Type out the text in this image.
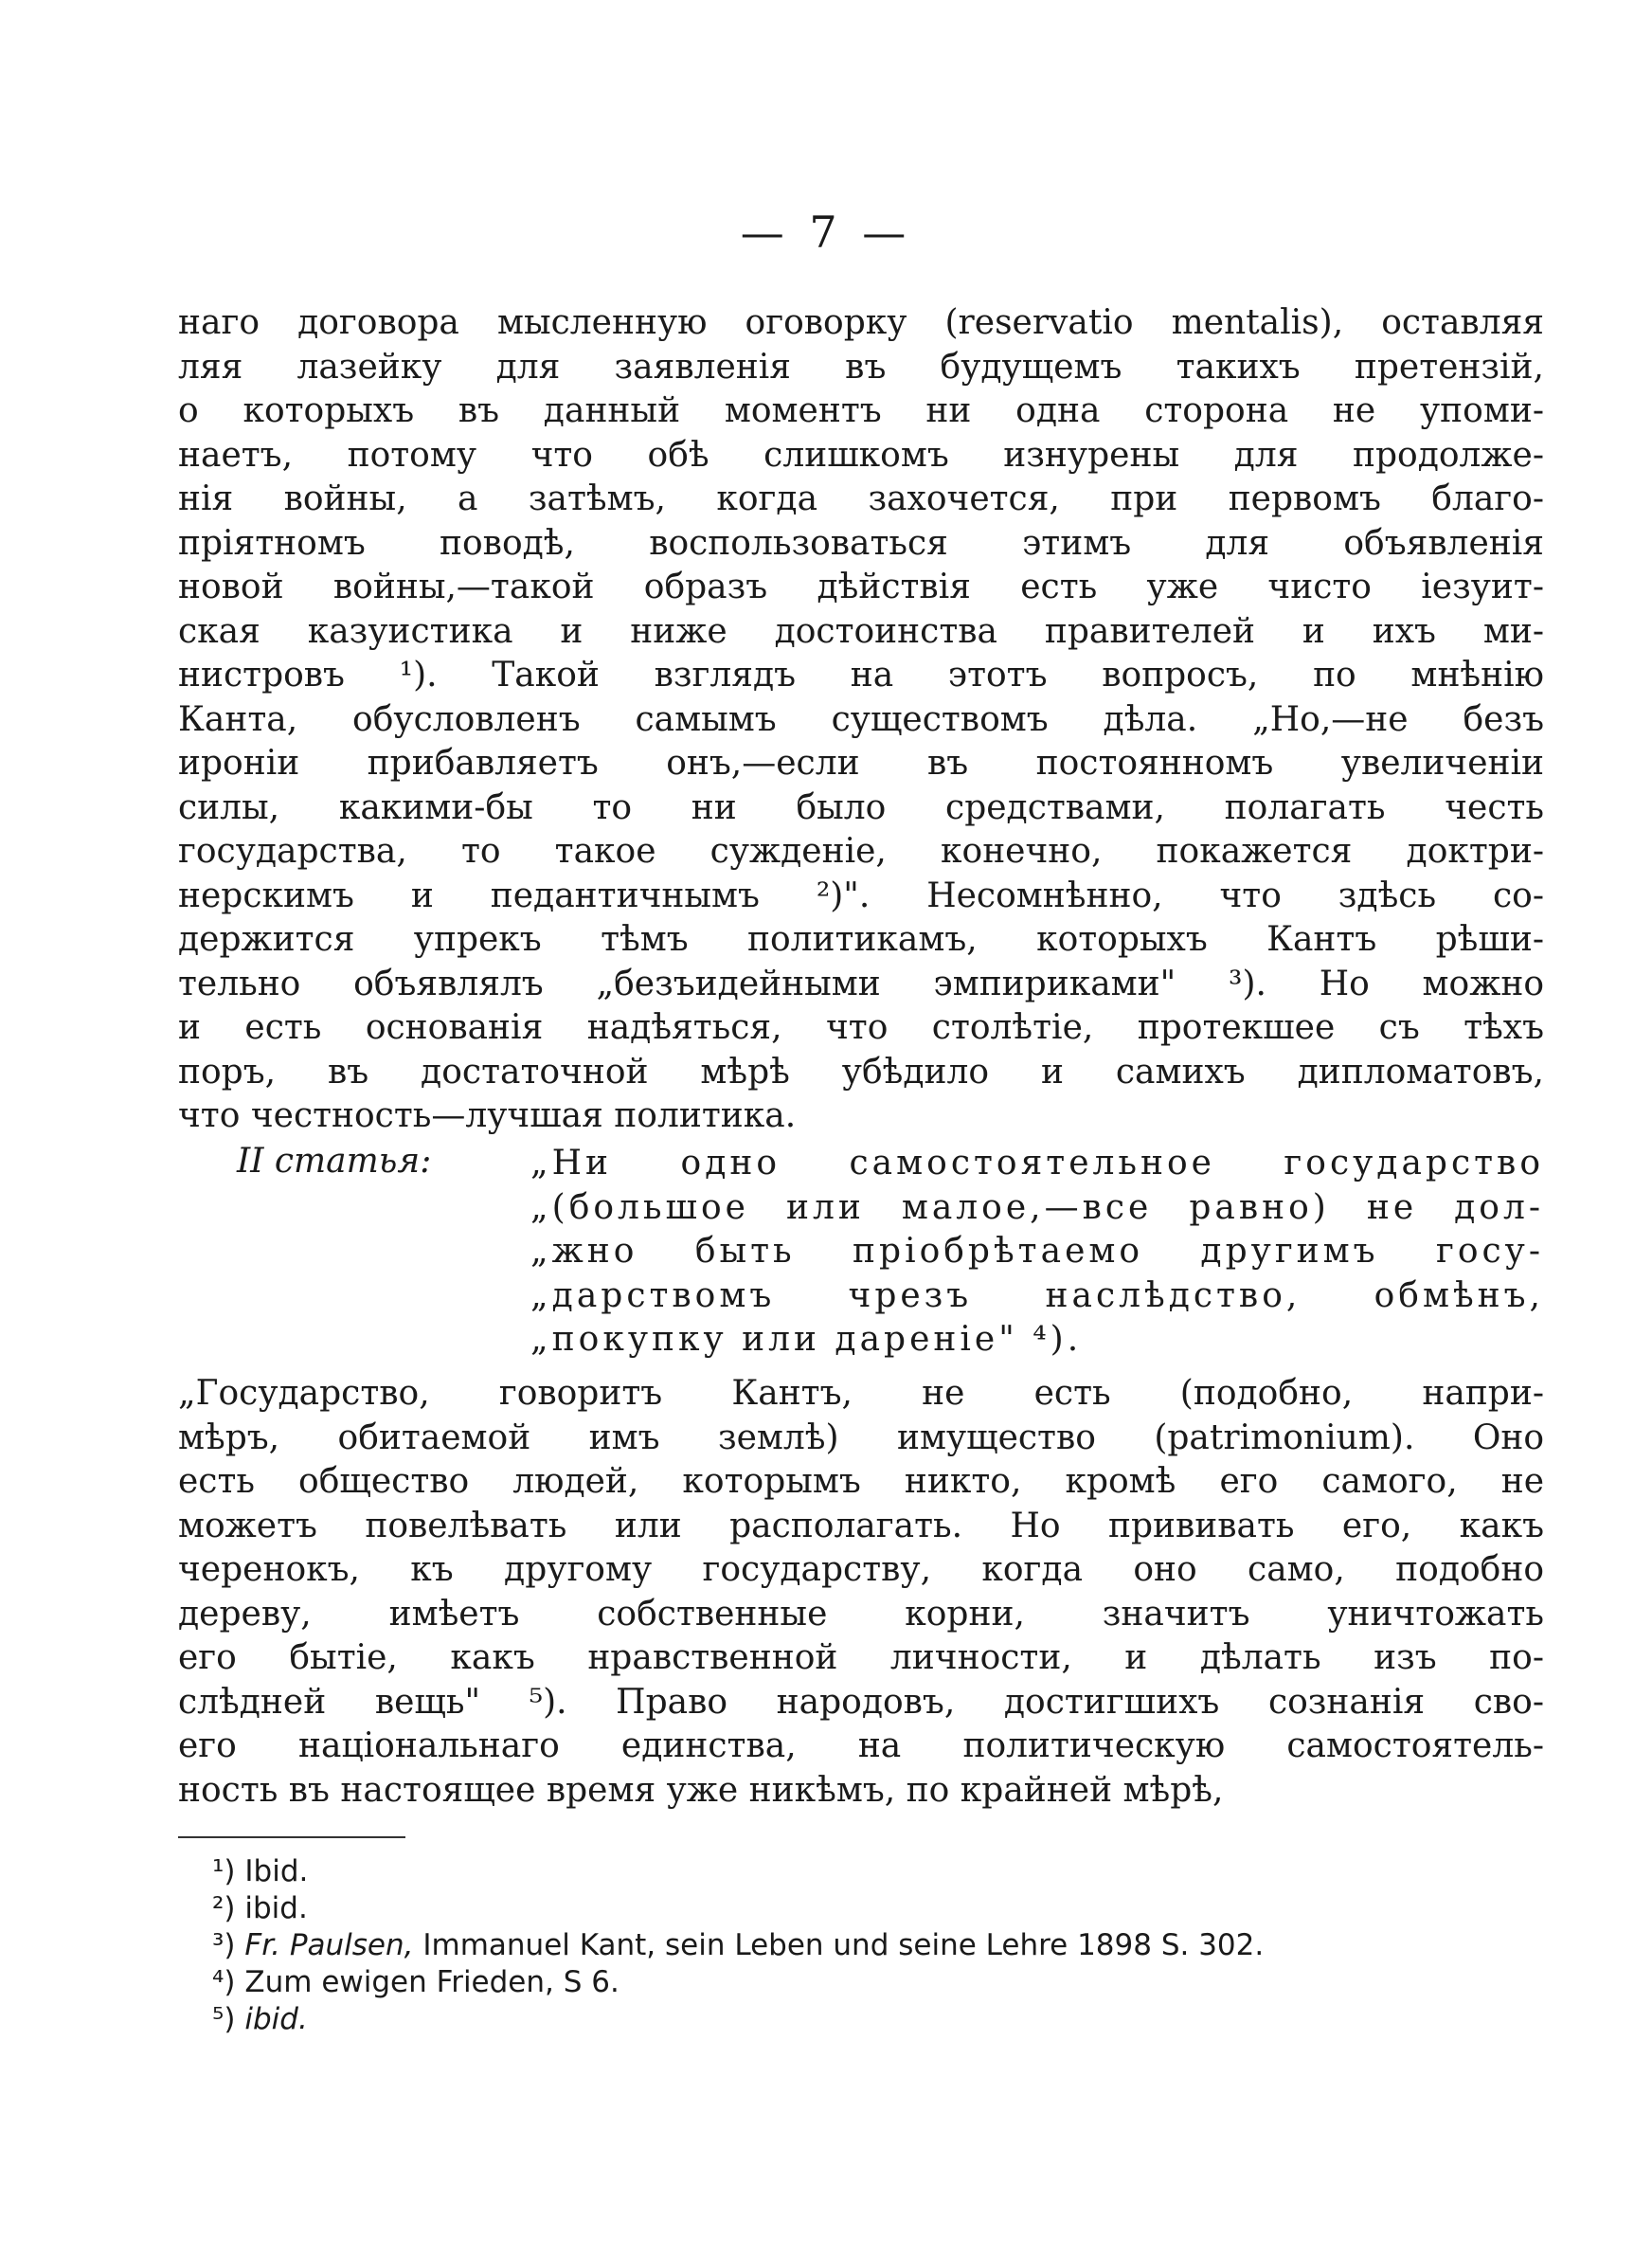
— 7 —
наго договора мысленную оговорку (reservatio mentalis), оставляя
ляя лазейку для заявленія въ будущемъ такихъ претензій,
о которыхъ въ данный моментъ ни одна сторона не упоми-
наетъ, потому что обѣ слишкомъ изнурены для продолже-
нія войны, а затѣмъ, когда захочется, при первомъ благо-
пріятномъ поводѣ, воспользоваться этимъ для объявленія
новой войны,—такой образъ дѣйствія есть уже чисто іезуит-
ская казуистика и ниже достоинства правителей и ихъ ми-
нистровъ ¹). Такой взглядъ на этотъ вопросъ, по мнѣнію
Канта, обусловленъ самымъ существомъ дѣла. „Но,—не безъ
ироніи прибавляетъ онъ,—если въ постоянномъ увеличеніи
силы, какими-бы то ни было средствами, полагать честь
государства, то такое сужденіе, конечно, покажется доктри-
нерскимъ и педантичнымъ ²)". Несомнѣнно, что здѣсь со-
держится упрекъ тѣмъ политикамъ, которыхъ Кантъ рѣши-
тельно объявлялъ „безъидейными эмпириками" ³). Но можно
и есть основанія надѣяться, что столѣтіе, протекшее съ тѣхъ
поръ, въ достаточной мѣрѣ убѣдило и самихъ дипломатовъ,
что честность—лучшая политика.
II статья:	„Ни одно самостоятельное государство
„(большое или малое,—все равно) не дол-
„жно быть пріобрѣтаемо другимъ госу-
„дарствомъ чрезъ наслѣдство, обмѣнъ,
„покупку или дареніе" ⁴).
„Государство, говоритъ Кантъ, не есть (подобно, напри-
мѣръ, обитаемой имъ землѣ) имущество (patrimonium). Оно
есть общество людей, которымъ никто, кромѣ его самого, не
можетъ повелѣвать или располагать. Но прививать его, какъ
черенокъ, къ другому государству, когда оно само, подобно
дереву, имѣетъ собственные корни, значитъ уничтожать
его бытіе, какъ нравственной личности, и дѣлать изъ по-
слѣдней вещь" ⁵). Право народовъ, достигшихъ сознанія сво-
его національнаго единства, на политическую самостоятель-
ность въ настоящее время уже никѣмъ, по крайней мѣрѣ,
¹) Ibid.
²) ibid.
³) Fr. Paulsen, Immanuel Kant, sein Leben und seine Lehre 1898 S. 302.
⁴) Zum ewigen Frieden, S 6.
⁵) ibid.
